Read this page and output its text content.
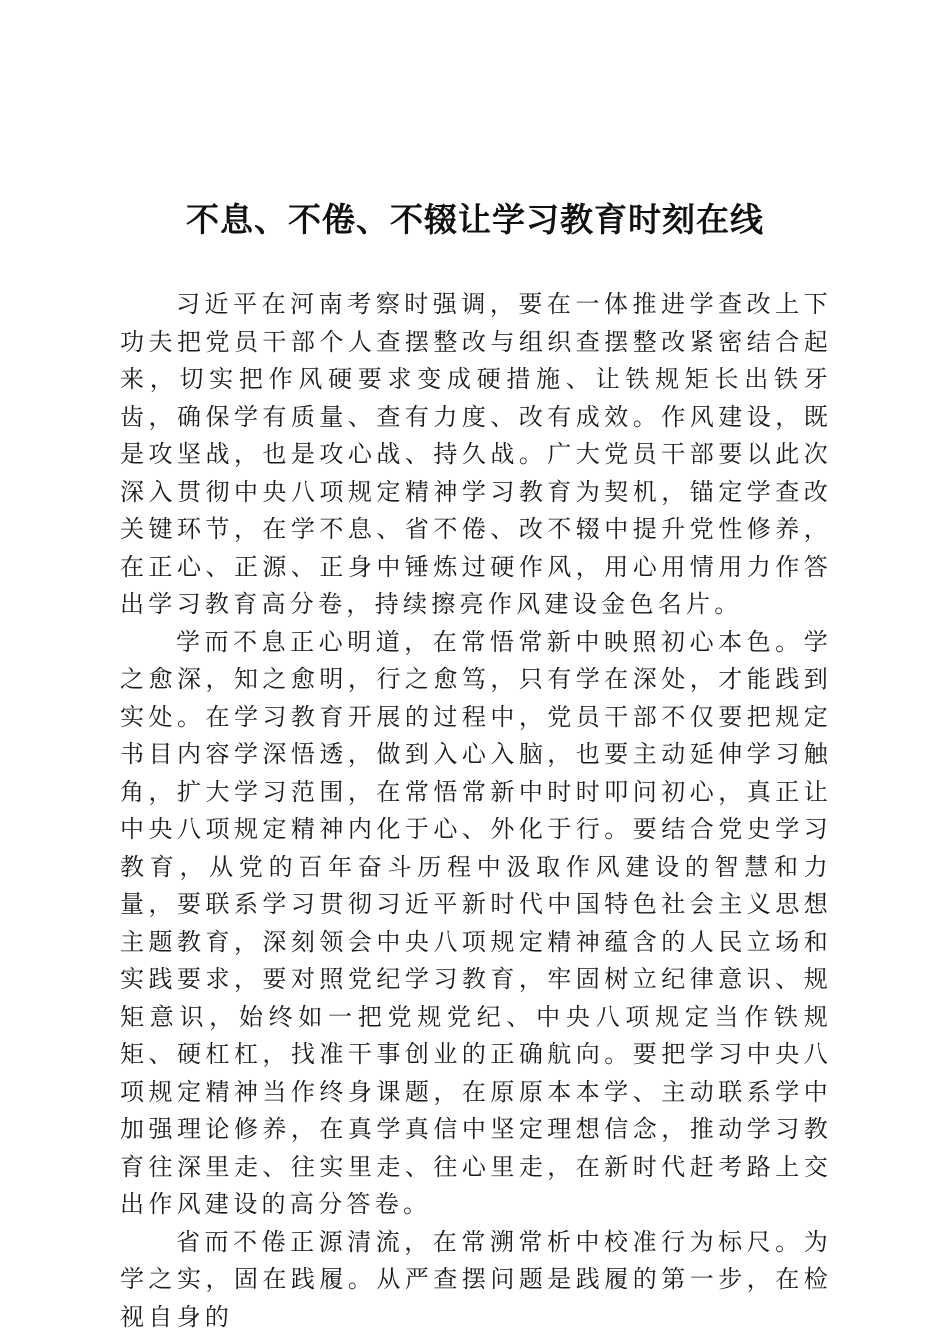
不息、不倦、不辍让学习教育时刻在线

习近平在河南考察时强调，要在一体推进学查改上下功夫把党员干部个人查摆整改与组织查摆整改紧密结合起来，切实把作风硬要求变成硬措施、让铁规矩长出铁牙齿，确保学有质量、查有力度、改有成效。作风建设，既是攻坚战，也是攻心战、持久战。广大党员干部要以此次深入贯彻中央八项规定精神学习教育为契机，锚定学查改关键环节，在学不息、省不倦、改不辍中提升党性修养，在正心、正源、正身中锤炼过硬作风，用心用情用力作答出学习教育高分卷，持续擦亮作风建设金色名片。

学而不息正心明道，在常悟常新中映照初心本色。学之愈深，知之愈明，行之愈笃，只有学在深处，才能践到实处。在学习教育开展的过程中，党员干部不仅要把规定书目内容学深悟透，做到入心入脑，也要主动延伸学习触角，扩大学习范围，在常悟常新中时时叩问初心，真正让中央八项规定精神内化于心、外化于行。要结合党史学习教育，从党的百年奋斗历程中汲取作风建设的智慧和力量，要联系学习贯彻习近平新时代中国特色社会主义思想主题教育，深刻领会中央八项规定精神蕴含的人民立场和实践要求，要对照党纪学习教育，牢固树立纪律意识、规矩意识，始终如一把党规党纪、中央八项规定当作铁规矩、硬杠杠，找准干事创业的正确航向。要把学习中央八项规定精神当作终身课题，在原原本本学、主动联系学中加强理论修养，在真学真信中坚定理想信念，推动学习教育往深里走、往实里走、往心里走，在新时代赶考路上交出作风建设的高分答卷。

省而不倦正源清流，在常溯常析中校准行为标尺。为学之实，固在践履。从严查摆问题是践履的第一步，在检视自身的
